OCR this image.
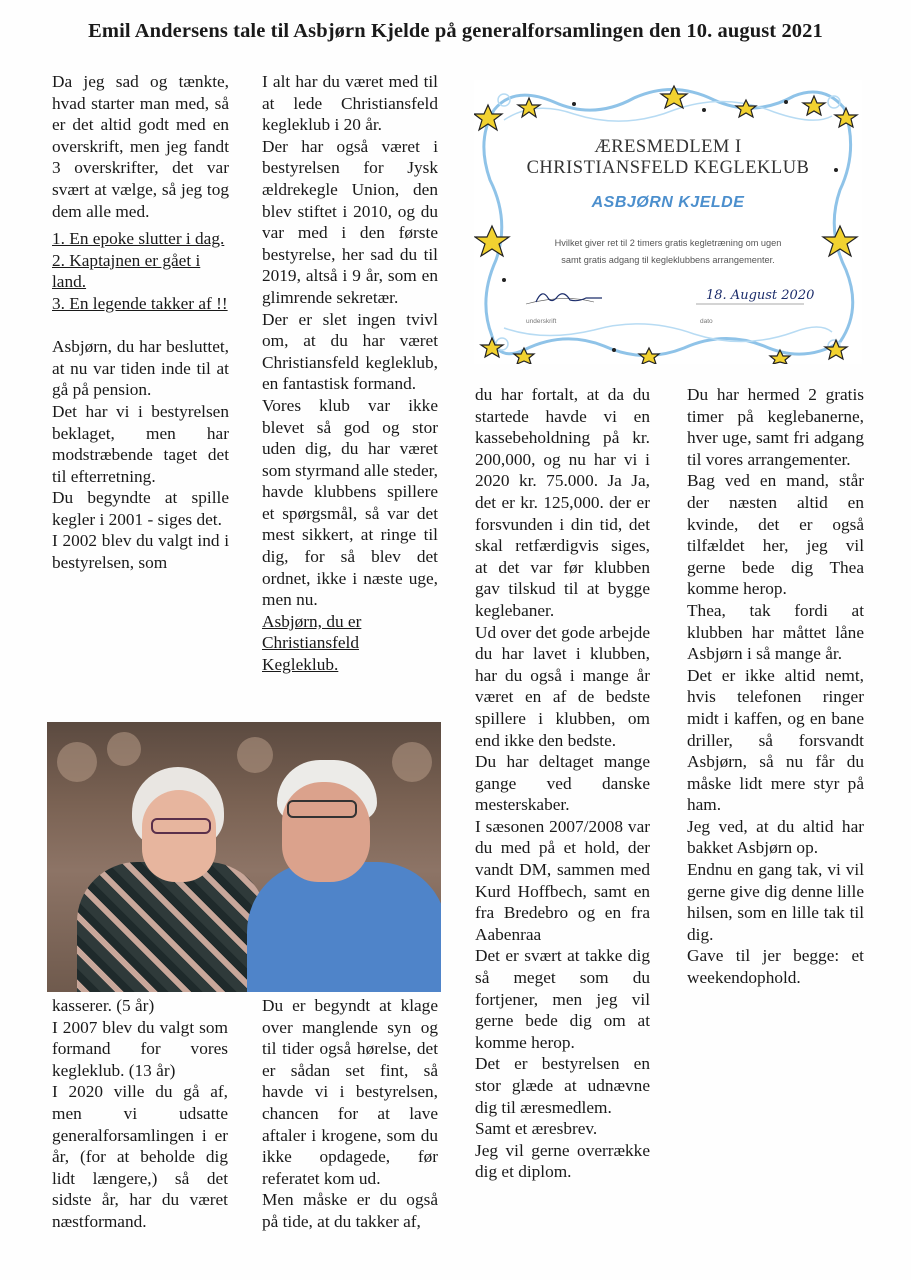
Emil Andersens tale til Asbjørn Kjelde på generalforsamlingen den 10. august 2021

Da jeg sad og tænkte, hvad starter man med, så er det altid godt med en overskrift, men jeg fandt 3 overskrifter, det var svært at vælge, så jeg tog dem alle med.

1. En epoke slutter i dag.

2. Kaptajnen er gået i land.

3. En legende takker af !!

Asbjørn, du har besluttet, at nu var tiden inde til at gå på pension.

Det har vi i bestyrelsen beklaget, men har modstræbende taget det til efterretning.

Du begyndte at spille kegler i 2001 - siges det.

I 2002 blev du valgt ind i bestyrelsen, som

I alt har du været med til at lede Christiansfeld kegleklub i 20 år.

Der har også været i bestyrelsen for Jysk ældrekegle Union, den blev stiftet i 2010, og du var med i den første bestyrelse, her sad du til 2019, altså i 9 år, som en glimrende sekretær.

Der er slet ingen tvivl om, at du har været Christiansfeld kegleklub, en fantastisk formand.

Vores klub var ikke blevet så god og stor uden dig, du har været som styrmand alle steder, havde klubbens spillere et spørgsmål, så var det mest sikkert, at ringe til dig, for så blev det ordnet, ikke i næste uge, men nu.

Asbjørn, du er Christiansfeld Kegleklub.

kasserer. (5 år)

I 2007 blev du valgt som formand for vores kegleklub. (13 år)

I 2020 ville du gå af, men vi udsatte generalforsamlingen i er år, (for at beholde dig lidt længere,) så det sidste år, har du været næstformand.

Du er begyndt at klage over manglende syn og til tider også hørelse, det er sådan set fint, så havde vi i bestyrelsen, chancen for at lave aftaler i krogene, som du ikke opdagede, før referatet kom ud.

Men måske er du også på tide, at du takker af,

ÆRESMEDLEM I
CHRISTIANSFELD KEGLEKLUB
ASBJØRN KJELDE
Hvilket giver ret til 2 timers gratis kegletræning om ugen
samt gratis adgang til kegleklubbens arrangementer.
18. August 2020
underskrift	dato

du har fortalt, at da du startede havde vi en kassebeholdning på kr. 200,000, og nu har vi i 2020 kr. 75.000. Ja Ja, det er kr. 125,000. der er forsvunden i din tid, det skal retfærdigvis siges, at det var før klubben gav tilskud til at bygge keglebaner.

Ud over det gode arbejde du har lavet i klubben, har du også i mange år været en af de bedste spillere i klubben, om end ikke den bedste.

Du har deltaget mange gange ved danske mesterskaber.

I sæsonen 2007/2008 var du med på et hold, der vandt DM, sammen med Kurd Hoffbech, samt en fra Bredebro og en fra Aabenraa

Det er svært at takke dig så meget som du fortjener, men jeg vil gerne bede dig om at komme herop.

Det er bestyrelsen en stor glæde at udnævne dig til æresmedlem.

Samt et æresbrev.

Jeg vil gerne overrække dig et diplom.

Du har hermed 2 gratis timer på keglebanerne, hver uge, samt fri adgang til vores arrangementer.

Bag ved en mand, står der næsten altid en kvinde, det er også tilfældet her, jeg vil gerne bede dig Thea komme herop.

Thea, tak fordi at klubben har måttet låne Asbjørn i så mange år.

Det er ikke altid nemt, hvis telefonen ringer midt i kaffen, og en bane driller, så forsvandt Asbjørn, så nu får du måske lidt mere styr på ham.

Jeg ved, at du altid har bakket Asbjørn op.

Endnu en gang tak, vi vil gerne give dig denne lille hilsen, som en lille tak til dig.

Gave til jer begge: et weekendophold.
